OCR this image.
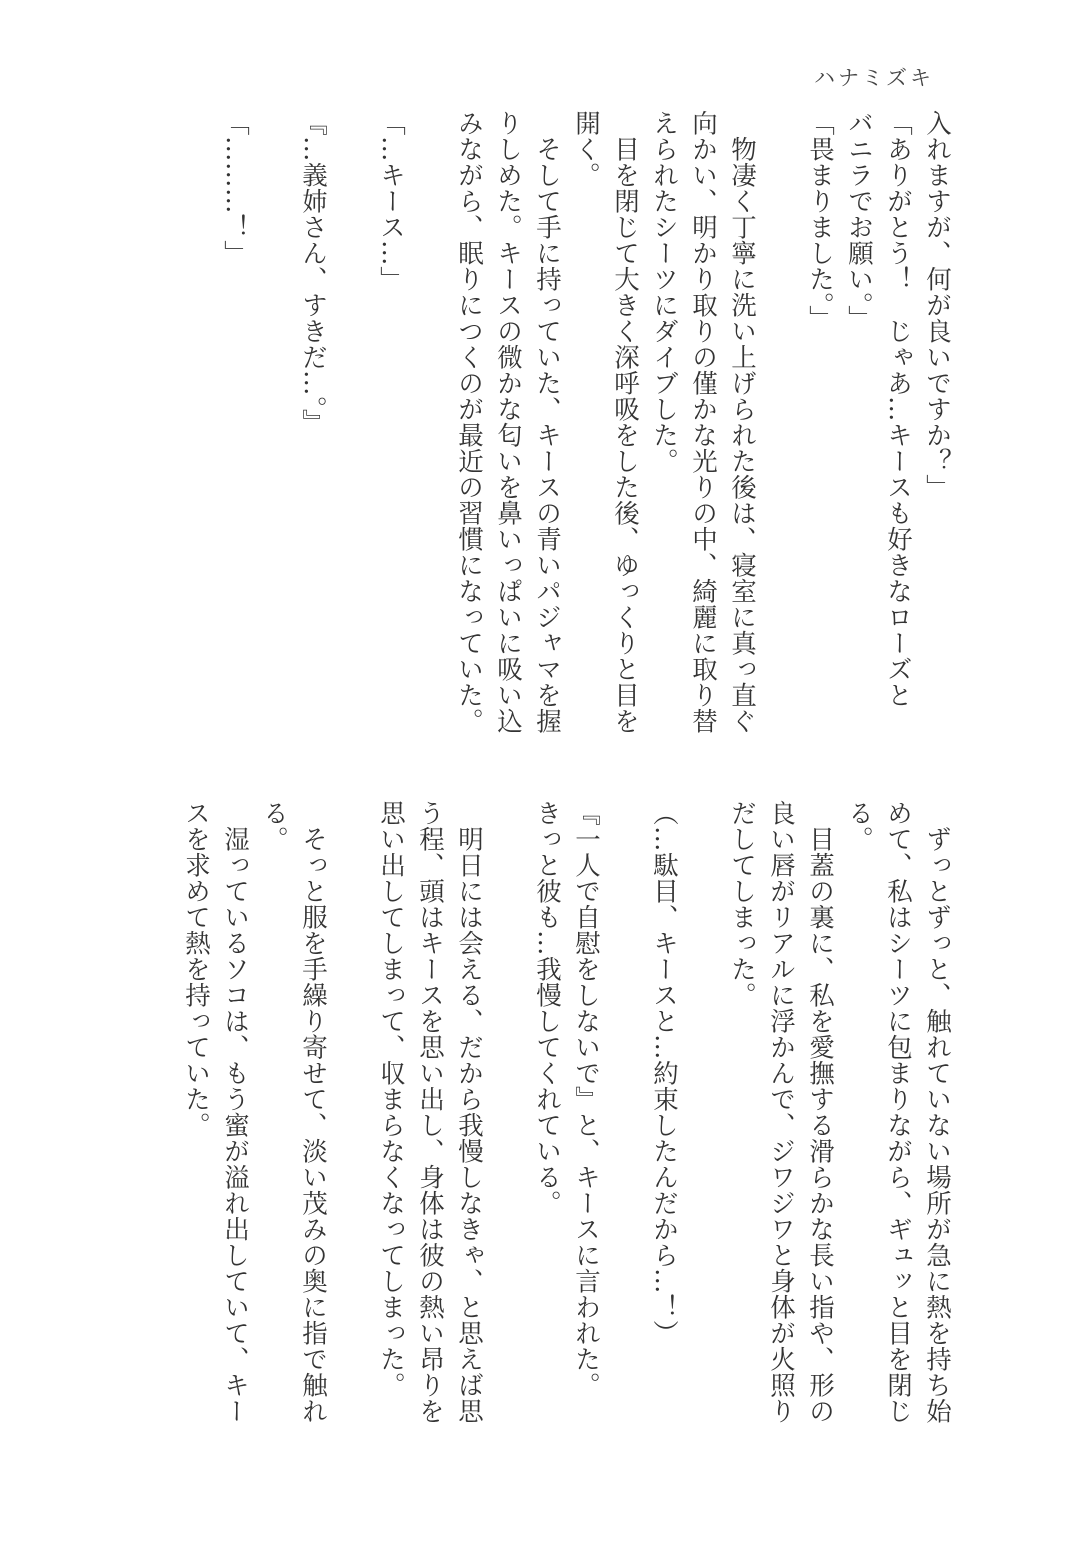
ハナミズキ
入れますが、何が良いですか？」
「ありがとう！　じゃあ…キースも好きなローズと
バニラでお願い。」
「畏まりました。」
　物凄く丁寧に洗い上げられた後は、寝室に真っ直ぐ
向かい、明かり取りの僅かな光りの中、綺麗に取り替
えられたシーツにダイブした。
　目を閉じて大きく深呼吸をした後、ゆっくりと目を
開く。
　そして手に持っていた、キースの青いパジャマを握
りしめた。キースの微かな匂いを鼻いっぱいに吸い込
みながら、眠りにつくのが最近の習慣になっていた。
「…キース…」
『…義姉さん、すきだ…。』
「………！」
　ずっとずっと、触れていない場所が急に熱を持ち始
めて、私はシーツに包まりながら、ギュッと目を閉じ
る。
　目蓋の裏に、私を愛撫する滑らかな長い指や、形の
良い唇がリアルに浮かんで、ジワジワと身体が火照り
だしてしまった。
（…駄目、キースと…約束したんだから…！）
『一人で自慰をしないで』と、キースに言われた。
きっと彼も…我慢してくれている。
　明日には会える、だから我慢しなきゃ、と思えば思
う程、頭はキースを思い出し、身体は彼の熱い昂りを
思い出してしまって、収まらなくなってしまった。
　そっと服を手繰り寄せて、淡い茂みの奥に指で触れ
る。
　湿っているソコは、もう蜜が溢れ出していて、キー
スを求めて熱を持っていた。
